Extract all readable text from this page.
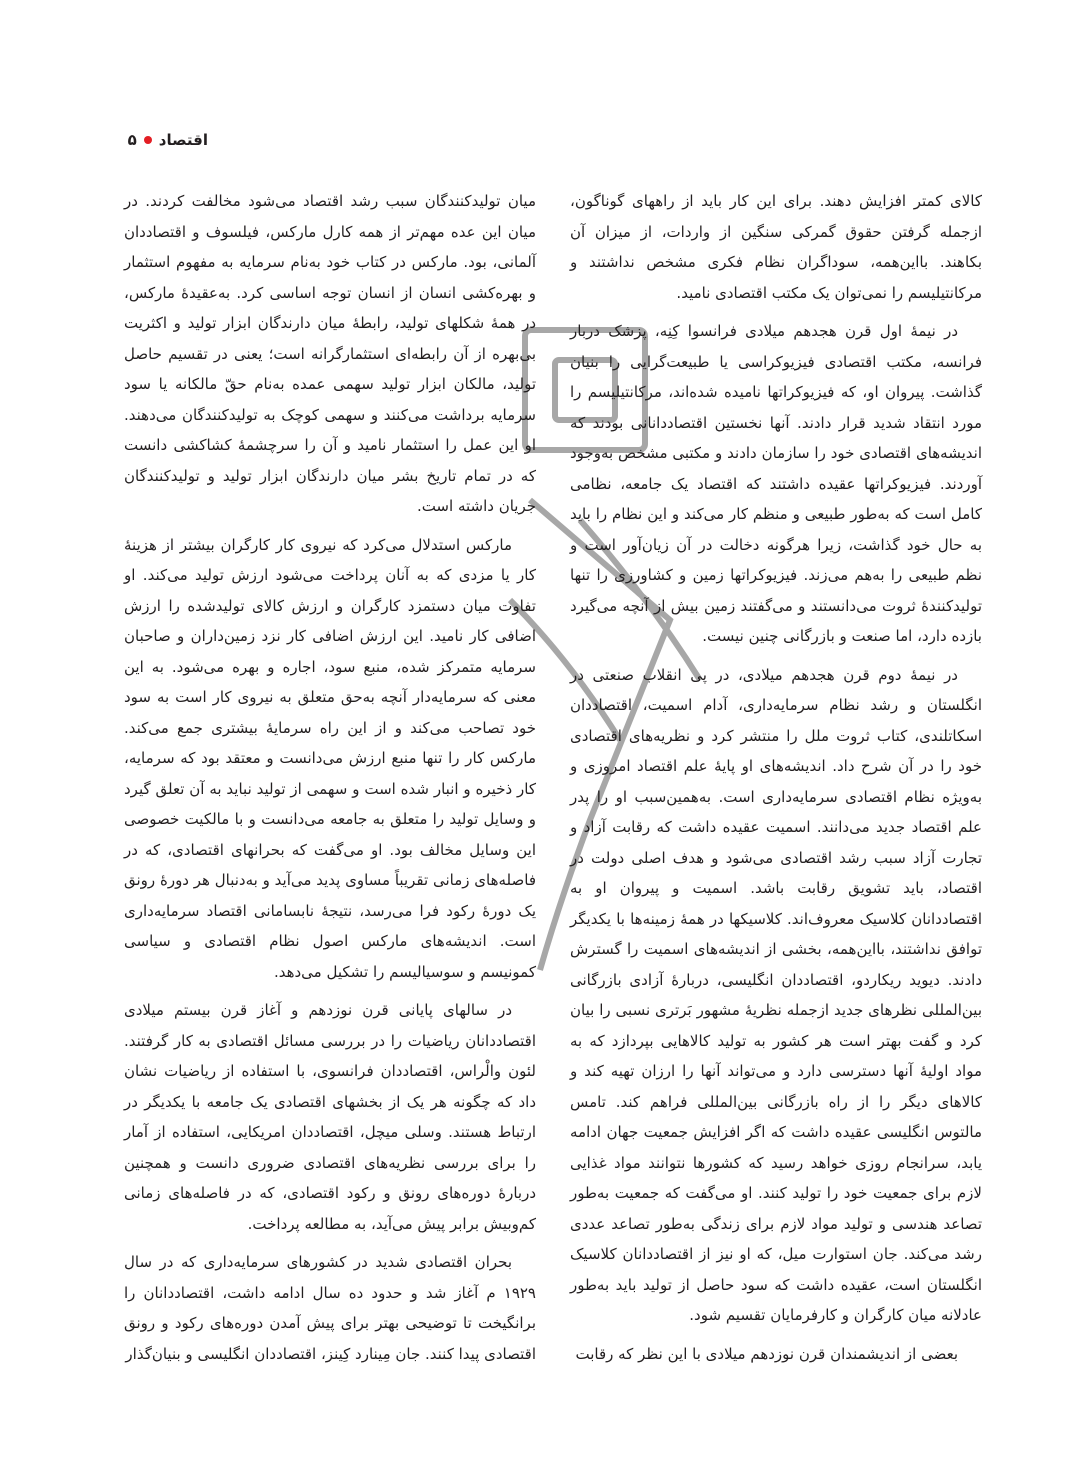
اقتصاد
۵

کالای کمتر افزایش دهند. برای این کار باید از راههای گوناگون، ازجمله گرفتن حقوق گمرکی سنگین از واردات، از میزان آن بکاهند. بااین‌همه، سوداگران نظام فکری مشخص نداشتند و مرکانتیلیسم را نمی‌توان یک مکتب اقتصادی نامید.

در نیمهٔ اول قرن هجدهم میلادی فرانسوا کِنِه، پزشک دربار فرانسه، مکتب اقتصادی فیزیوکراسی یا طبیعت‌گرایی را بنیان گذاشت. پیروان او، که فیزیوکراتها نامیده شده‌اند، مرکانتیلیسم را مورد انتقاد شدید قرار دادند. آنها نخستین اقتصاددانانی بودند که اندیشه‌های اقتصادی خود را سازمان دادند و مکتبی مشخص به‌وجود آوردند. فیزیوکراتها عقیده داشتند که اقتصاد یک جامعه، نظامی کامل است که به‌طور طبیعی و منظم کار می‌کند و این نظام را باید به حال خود گذاشت، زیرا هرگونه دخالت در آن زیان‌آور است و نظم طبیعی را به‌هم می‌زند. فیزیوکراتها زمین و کشاورزی را تنها تولیدکنندهٔ ثروت می‌دانستند و می‌گفتند زمین بیش از آنچه می‌گیرد بازده دارد، اما صنعت و بازرگانی چنین نیست.

در نیمهٔ دوم قرن هجدهم میلادی، در پی انقلاب صنعتی در انگلستان و رشد نظام سرمایه‌داری، آدام اسمیت، اقتصاددان اسکاتلندی، کتاب ثروت ملل را منتشر کرد و نظریه‌های اقتصادی خود را در آن شرح داد. اندیشه‌های او پایهٔ علم اقتصاد امروزی و به‌ویژه نظام اقتصادی سرمایه‌داری است. به‌همین‌سبب او را پدر علم اقتصاد جدید می‌دانند. اسمیت عقیده داشت که رقابت آزاد و تجارت آزاد سبب رشد اقتصادی می‌شود و هدف اصلی دولت در اقتصاد، باید تشویق رقابت باشد. اسمیت و پیروان او به اقتصاددانان کلاسیک معروف‌اند. کلاسیکها در همهٔ زمینه‌ها با یکدیگر توافق نداشتند، بااین‌همه، بخشی از اندیشه‌های اسمیت را گسترش دادند. دیوید ریکاردو، اقتصاددان انگلیسی، دربارهٔ آزادی بازرگانی بین‌المللی نظرهای جدید ازجمله نظریهٔ مشهور بَرتری نسبی را بیان کرد و گفت بهتر است هر کشور به تولید کالاهایی بپردازد که به مواد اولیهٔ آنها دسترسی دارد و می‌تواند آنها را ارزان تهیه کند و کالاهای دیگر را از راه بازرگانی بین‌المللی فراهم کند. تامس مالتوس انگلیسی عقیده داشت که اگر افزایش جمعیت جهان ادامه یابد، سرانجام روزی خواهد رسید که کشورها نتوانند مواد غذایی لازم برای جمعیت خود را تولید کنند. او می‌گفت که جمعیت به‌طور تصاعد هندسی و تولید مواد لازم برای زندگی به‌طور تصاعد عددی رشد می‌کند. جان استوارت میل، که او نیز از اقتصاددانان کلاسیک انگلستان است، عقیده داشت که سود حاصل از تولید باید به‌طور عادلانه میان کارگران و کارفرمایان تقسیم شود.

بعضی از اندیشمندان قرن نوزدهم میلادی با این نظر که رقابت

میان تولیدکنندگان سبب رشد اقتصاد می‌شود مخالفت کردند. در میان این عده مهم‌تر از همه کارل مارکس، فیلسوف و اقتصاددان آلمانی، بود. مارکس در کتاب خود به‌نام سرمایه به مفهوم استثمار و بهره‌کشی انسان از انسان توجه اساسی کرد. به‌عقیدهٔ مارکس، در همهٔ شکلهای تولید، رابطهٔ میان دارندگان ابزار تولید و اکثریت بی‌بهره از آن رابطه‌ای استثمارگرانه است؛ یعنی در تقسیم حاصل تولید، مالکان ابزار تولید سهمی عمده به‌نام حقّ مالکانه یا سود سرمایه برداشت می‌کنند و سهمی کوچک به تولیدکنندگان می‌دهند. او این عمل را استثمار نامید و آن را سرچشمهٔ کشاکشی دانست که در تمام تاریخ بشر میان دارندگان ابزار تولید و تولیدکنندگان جریان داشته است.

مارکس استدلال می‌کرد که نیروی کار کارگران بیشتر از هزینهٔ کار یا مزدی که به آنان پرداخت می‌شود ارزش تولید می‌کند. او تفاوت میان دستمزد کارگران و ارزش کالای تولیدشده را ارزش اضافی کار نامید. این ارزش اضافی کار نزد زمین‌داران و صاحبان سرمایه متمرکز شده، منبع سود، اجاره و بهره می‌شود. به این معنی که سرمایه‌دار آنچه به‌حق متعلق به نیروی کار است به سود خود تصاحب می‌کند و از این راه سرمایهٔ بیشتری جمع می‌کند. مارکس کار را تنها منبع ارزش می‌دانست و معتقد بود که سرمایه، کار ذخیره و انبار شده است و سهمی از تولید نباید به آن تعلق گیرد و وسایل تولید را متعلق به جامعه می‌دانست و با مالکیت خصوصی این وسایل مخالف بود. او می‌گفت که بحرانهای اقتصادی، که در فاصله‌های زمانی تقریباً مساوی پدید می‌آید و به‌دنبال هر دورهٔ رونق یک دورهٔ رکود فرا می‌رسد، نتیجهٔ نابسامانی اقتصاد سرمایه‌داری است. اندیشه‌های مارکس اصول نظام اقتصادی و سیاسی کمونیسم و سوسیالیسم را تشکیل می‌دهد.

در سالهای پایانی قرن نوزدهم و آغاز قرن بیستم میلادی اقتصاددانان ریاضیات را در بررسی مسائل اقتصادی به کار گرفتند. لئون والْراس، اقتصاددان فرانسوی، با استفاده از ریاضیات نشان داد که چگونه هر یک از بخشهای اقتصادی یک جامعه با یکدیگر در ارتباط هستند. وسلی میچل، اقتصاددان امریکایی، استفاده از آمار را برای بررسی نظریه‌های اقتصادی ضروری دانست و همچنین دربارهٔ دوره‌های رونق و رکود اقتصادی، که در فاصله‌های زمانی کم‌وبیش برابر پیش می‌آید، به مطالعه پرداخت.

بحران اقتصادی شدید در کشورهای سرمایه‌داری که در سال ۱۹۲۹ م آغاز شد و حدود ده سال ادامه داشت، اقتصاددانان را برانگیخت تا توضیحی بهتر برای پیش آمدن دوره‌های رکود و رونق اقتصادی پیدا کنند. جان مِینارد کِینز، اقتصاددان انگلیسی و بنیان‌گذار
